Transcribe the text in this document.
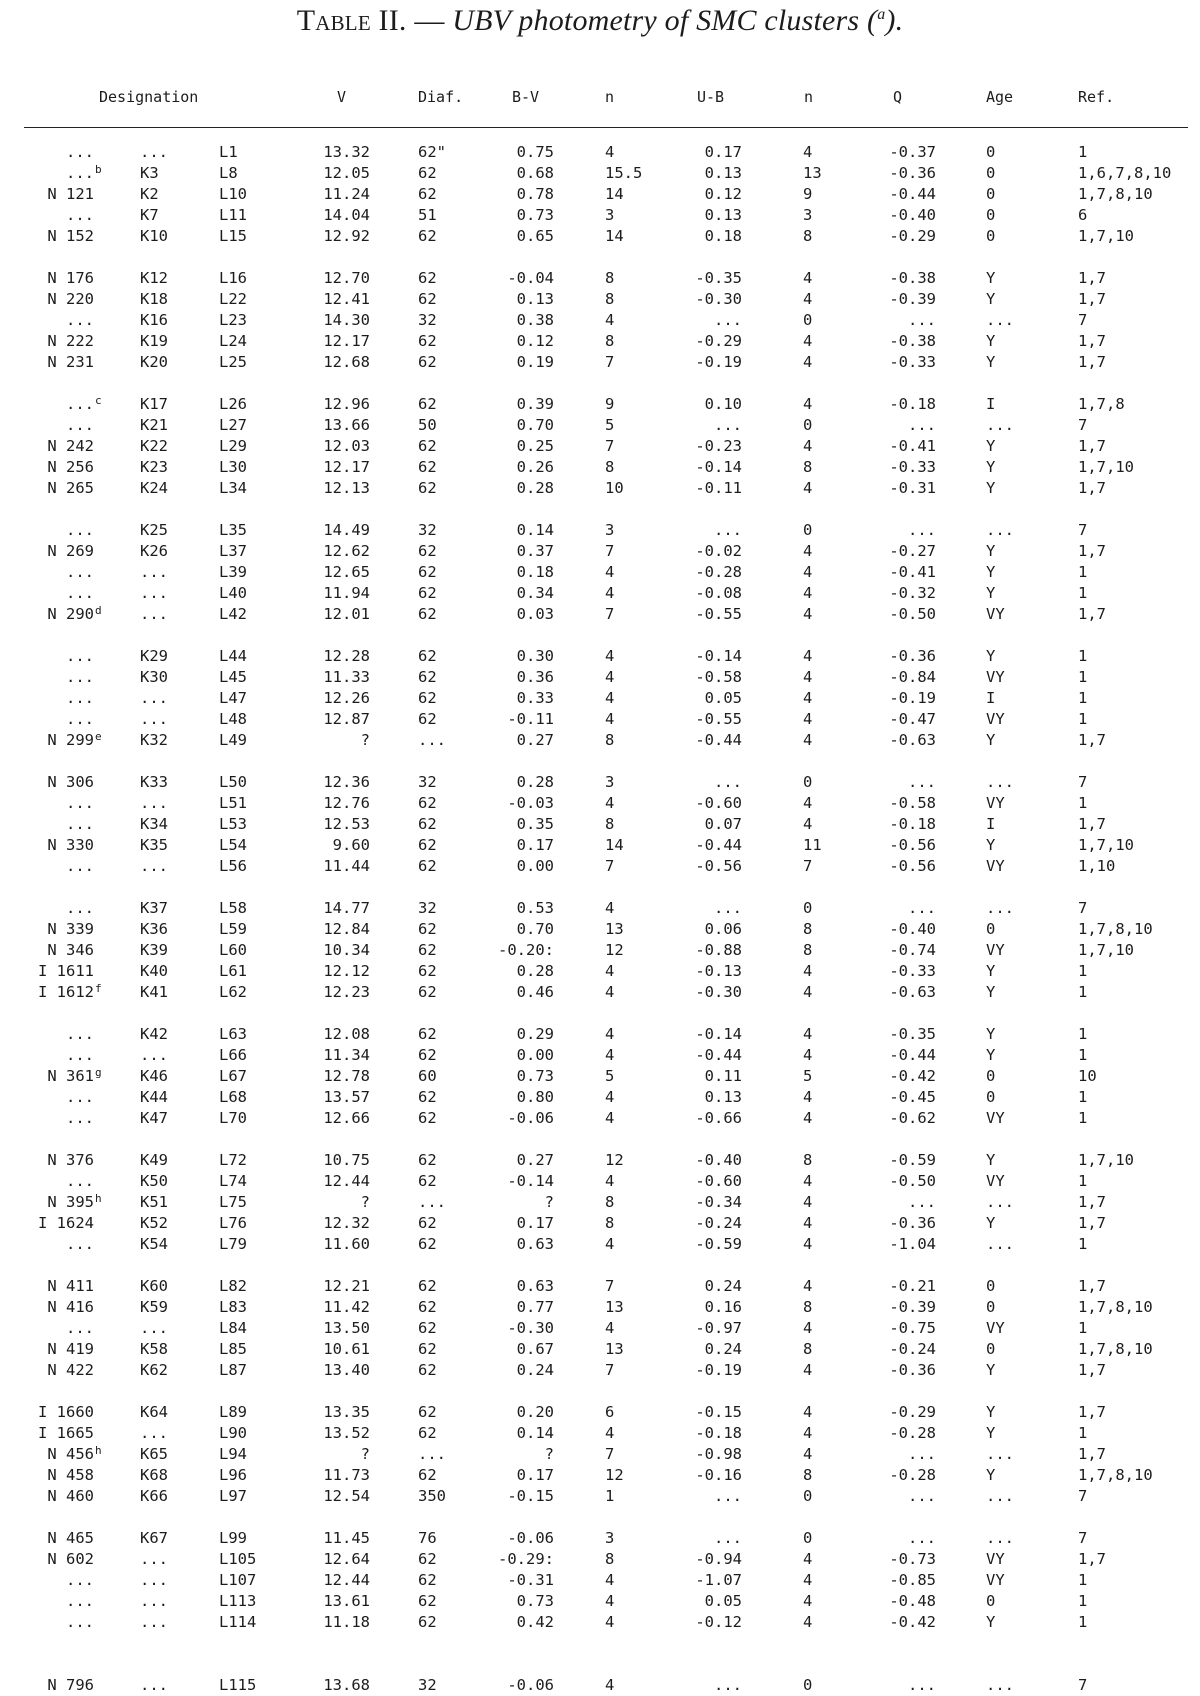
Table II. — UBV photometry of SMC clusters ($^a$).
Designation	V	Diaf.	B-V	n	U-B	n	Q	Age	Ref.
...	...	L1	13.32	62"	0.75	4	0.17	4	-0.37	0	1
... b K3	L8	12.05	62	0.68	15.5	0.13	13	-0.36	0	1,6,7,8,10
N 121	K2	L10	11.24	62	0.78	14	0.12	9	-0.44	0	1,7,8,10
...	K7	L11	14.04	51	0.73	3	0.13	3	-0.40	0	6
N 152	K10	L15	12.92	62	0.65	14	0.18	8	-0.29	0	1,7,10
N 176	K12	L16	12.70	62	-0.04	8	-0.35	4	-0.38	Y	1,7
N 220	K18	L22	12.41	62	0.13	8	-0.30	4	-0.39	Y	1,7
...	K16	L23	14.30	32	0.38	4	...	0	...	...	7
N 222	K19	L24	12.17	62	0.12	8	-0.29	4	-0.38	Y	1,7
N 231	K20	L25	12.68	62	0.19	7	-0.19	4	-0.33	Y	1,7
... c K17	L26	12.96	62	0.39	9	0.10	4	-0.18	I	1,7,8
...	K21	L27	13.66	50	0.70	5	...	0	...	...	7
N 242	K22	L29	12.03	62	0.25	7	-0.23	4	-0.41	Y	1,7
N 256	K23	L30	12.17	62	0.26	8	-0.14	8	-0.33	Y	1,7,10
N 265	K24	L34	12.13	62	0.28	10	-0.11	4	-0.31	Y	1,7
...	K25	L35	14.49	32	0.14	3	...	0	...	...	7
N 269	K26	L37	12.62	62	0.37	7	-0.02	4	-0.27	Y	1,7
...	...	L39	12.65	62	0.18	4	-0.28	4	-0.41	Y	1
...	...	L40	11.94	62	0.34	4	-0.08	4	-0.32	Y	1
N 290 d ...	L42	12.01	62	0.03	7	-0.55	4	-0.50	VY	1,7
...	K29	L44	12.28	62	0.30	4	-0.14	4	-0.36	Y	1
...	K30	L45	11.33	62	0.36	4	-0.58	4	-0.84	VY	1
...	...	L47	12.26	62	0.33	4	0.05	4	-0.19	I	1
...	...	L48	12.87	62	-0.11	4	-0.55	4	-0.47	VY	1
N 299 e K32	L49	?	...	0.27	8	-0.44	4	-0.63	Y	1,7
N 306	K33	L50	12.36	32	0.28	3	...	0	...	...	7
...	...	L51	12.76	62	-0.03	4	-0.60	4	-0.58	VY	1
...	K34	L53	12.53	62	0.35	8	0.07	4	-0.18	I	1,7
N 330	K35	L54	9.60	62	0.17	14	-0.44	11	-0.56	Y	1,7,10
...	...	L56	11.44	62	0.00	7	-0.56	7	-0.56	VY	1,10
...	K37	L58	14.77	32	0.53	4	...	0	...	...	7
N 339	K36	L59	12.84	62	0.70	13	0.06	8	-0.40	0	1,7,8,10
N 346	K39	L60	10.34	62	-0.20:	12	-0.88	8	-0.74	VY	1,7,10
I 1611	K40	L61	12.12	62	0.28	4	-0.13	4	-0.33	Y	1
I 1612 f K41	L62	12.23	62	0.46	4	-0.30	4	-0.63	Y	1
...	K42	L63	12.08	62	0.29	4	-0.14	4	-0.35	Y	1
...	...	L66	11.34	62	0.00	4	-0.44	4	-0.44	Y	1
N 361 g K46	L67	12.78	60	0.73	5	0.11	5	-0.42	0	10
...	K44	L68	13.57	62	0.80	4	0.13	4	-0.45	0	1
...	K47	L70	12.66	62	-0.06	4	-0.66	4	-0.62	VY	1
N 376	K49	L72	10.75	62	0.27	12	-0.40	8	-0.59	Y	1,7,10
...	K50	L74	12.44	62	-0.14	4	-0.60	4	-0.50	VY	1
N 395 h K51	L75	?	...	?	8	-0.34	4	...	...	1,7
I 1624	K52	L76	12.32	62	0.17	8	-0.24	4	-0.36	Y	1,7
...	K54	L79	11.60	62	0.63	4	-0.59	4	-1.04	...	1
N 411	K60	L82	12.21	62	0.63	7	0.24	4	-0.21	0	1,7
N 416	K59	L83	11.42	62	0.77	13	0.16	8	-0.39	0	1,7,8,10
...	...	L84	13.50	62	-0.30	4	-0.97	4	-0.75	VY	1
N 419	K58	L85	10.61	62	0.67	13	0.24	8	-0.24	0	1,7,8,10
N 422	K62	L87	13.40	62	0.24	7	-0.19	4	-0.36	Y	1,7
I 1660	K64	L89	13.35	62	0.20	6	-0.15	4	-0.29	Y	1,7
I 1665	...	L90	13.52	62	0.14	4	-0.18	4	-0.28	Y	1
N 456 h K65	L94	?	...	?	7	-0.98	4	...	...	1,7
N 458	K68	L96	11.73	62	0.17	12	-0.16	8	-0.28	Y	1,7,8,10
N 460	K66	L97	12.54	350	-0.15	1	...	0	...	...	7
N 465	K67	L99	11.45	76	-0.06	3	...	0	...	...	7
N 602	...	L105	12.64	62	-0.29:	8	-0.94	4	-0.73	VY	1,7
...	...	L107	12.44	62	-0.31	4	-1.07	4	-0.85	VY	1
...	...	L113	13.61	62	0.73	4	0.05	4	-0.48	0	1
...	...	L114	11.18	62	0.42	4	-0.12	4	-0.42	Y	1
N 796	...	L115	13.68	32	-0.06	4	...	0	...	...	7
